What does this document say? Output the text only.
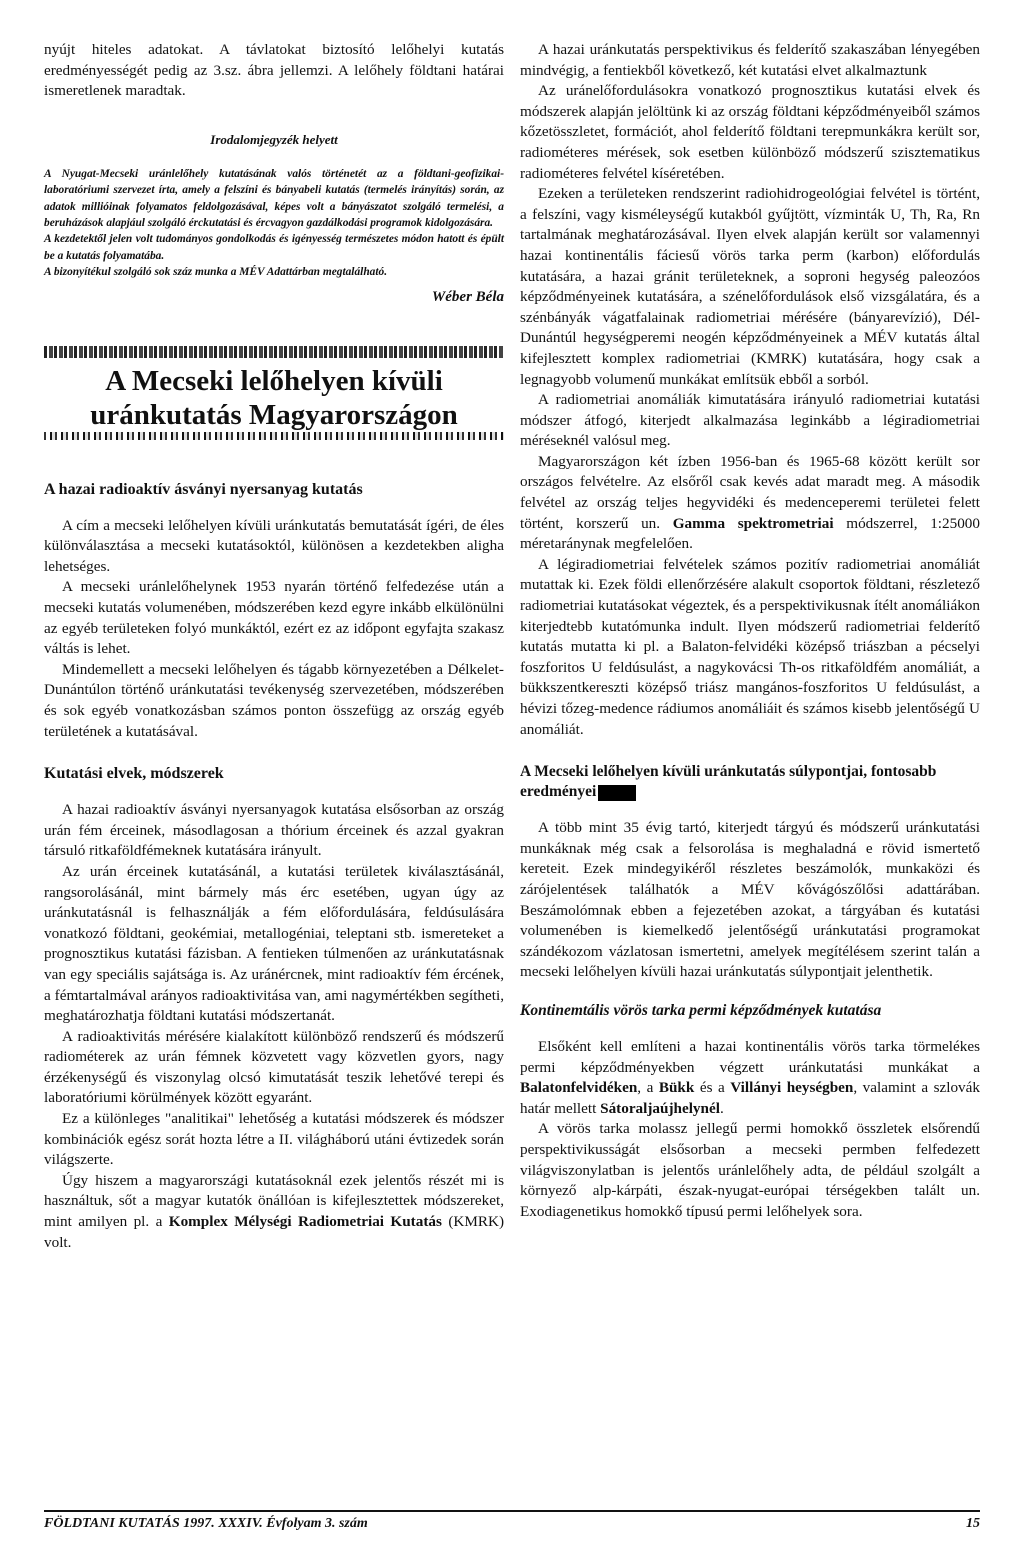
nyújt hiteles adatokat. A távlatokat biztosító lelőhelyi kutatás eredményességét pedig az 3.sz. ábra jellemzi. A lelőhely földtani határai ismeretlenek maradtak.

Irodalomjegyzék helyett

A Nyugat-Mecseki uránlelőhely kutatásának valós történetét az a földtani-geofizikai-laboratóriumi szervezet írta, amely a felszíni és bányabeli kutatás (termelés irányítás) során, az adatok millióinak folyamatos feldolgozásával, képes volt a bányászatot szolgáló termelési, a beruházások alapjául szolgáló érckutatási és ércvagyon gazdálkodási programok kidolgozására.

A kezdetektől jelen volt tudományos gondolkodás és igényesség természetes módon hatott és épült be a kutatás folyamatába.

A bizonyítékul szolgáló sok száz munka a MÉV Adattárban megtalálható.

Wéber Béla
A Mecseki lelőhelyen kívüli uránkutatás Magyarországon
A hazai radioaktív ásványi nyersanyag kutatás

A cím a mecseki lelőhelyen kívüli uránkutatás bemutatását ígéri, de éles különválasztása a mecseki kutatásoktól, különösen a kezdetekben aligha lehetséges.

A mecseki uránlelőhelynek 1953 nyarán történő felfedezése után a mecseki kutatás volumenében, módszerében kezd egyre inkább elkülönülni az egyéb területeken folyó munkáktól, ezért ez az időpont egyfajta szakasz váltás is lehet.

Mindemellett a mecseki lelőhelyen és tágabb környezetében a Délkelet-Dunántúlon történő uránkutatási tevékenység szervezetében, módszerében és sok egyéb vonatkozásban számos ponton összefügg az ország egyéb területének a kutatásával.

Kutatási elvek, módszerek

A hazai radioaktív ásványi nyersanyagok kutatása elsősorban az ország urán fém érceinek, másodlagosan a thórium érceinek és azzal gyakran társuló ritkaföldfémeknek kutatására irányult.

Az urán érceinek kutatásánál, a kutatási területek kiválasztásánál, rangsorolásánál, mint bármely más érc esetében, ugyan úgy az uránkutatásnál is felhasználják a fém előfordulására, feldúsulására vonatkozó földtani, geokémiai, metallogéniai, teleptani stb. ismereteket a prognosztikus kutatási fázisban. A fentieken túlmenően az uránkutatásnak van egy speciális sajátsága is. Az uránércnek, mint radioaktív fém ércének, a fémtartalmával arányos radioaktivitása van, ami nagymértékben segítheti, meghatározhatja földtani kutatási módszertanát.

A radioaktivitás mérésére kialakított különböző rendszerű és módszerű radiométerek az urán fémnek közvetett vagy közvetlen gyors, nagy érzékenységű és viszonylag olcsó kimutatását teszik lehetővé terepi és laboratóriumi körülmények között egyaránt.

Ez a különleges "analitikai" lehetőség a kutatási módszerek és módszer kombinációk egész sorát hozta létre a II. világháború utáni évtizedek során világszerte.

Úgy hiszem a magyarországi kutatásoknál ezek jelentős részét mi is használtuk, sőt a magyar kutatók önállóan is kifejlesztettek módszereket, mint amilyen pl. a Komplex Mélységi Radiometriai Kutatás (KMRK) volt.

A hazai uránkutatás perspektivikus és felderítő szakaszában lényegében mindvégig, a fentiekből következő, két kutatási elvet alkalmaztunk

Az uránelőfordulásokra vonatkozó prognosztikus kutatási elvek és módszerek alapján jelöltünk ki az ország földtani képződményeiből számos kőzetösszletet, formációt, ahol felderítő földtani terepmunkákra került sor, radiométeres mérések, sok esetben különböző módszerű szisztematikus radiométeres felvétel kíséretében.

Ezeken a területeken rendszerint radiohidrogeológiai felvétel is történt, a felszíni, vagy kisméleységű kutakból gyűjtött, vízminták U, Th, Ra, Rn tartalmának meghatározásával. Ilyen elvek alapján került sor valamennyi hazai kontinentális fáciesű vörös tarka perm (karbon) előfordulás kutatására, a hazai gránit területeknek, a soproni hegység paleozóos képződményeinek kutatására, a szénelőfordulások első vizsgálatára, és a szénbányák vágatfalainak radiometriai mérésére (bányarevízió), Dél-Dunántúl hegységperemi neogén képződményeinek a MÉV kutatás által kifejlesztett komplex radiometriai (KMRK) kutatására, hogy csak a legnagyobb volumenű munkákat említsük ebből a sorból.

A radiometriai anomáliák kimutatására irányuló radiometriai kutatási módszer átfogó, kiterjedt alkalmazása leginkább a légiradiometriai méréseknél valósul meg.

Magyarországon két ízben 1956-ban és 1965-68 között került sor országos felvételre. Az elsőről csak kevés adat maradt meg. A második felvétel az ország teljes hegyvidéki és medenceperemi területei felett történt, korszerű un. Gamma spektrometriai módszerrel, 1:25000 méretaránynak megfelelően.

A légiradiometriai felvételek számos pozitív radiometriai anomáliát mutattak ki. Ezek földi ellenőrzésére alakult csoportok földtani, részletező radiometriai kutatásokat végeztek, és a perspektivikusnak ítélt anomáliákon kiterjedtebb kutatómunka indult. Ilyen módszerű radiometriai felderítő kutatás mutatta ki pl. a Balaton-felvidéki középső triászban a pécselyi foszforitos U feldúsulást, a nagykovácsi Th-os ritkaföldfém anomáliát, a bükkszentkereszti középső triász mangános-foszforitos U feldúsulást, a hévizi tőzeg-medence rádiumos anomáliáit és számos kisebb jelentőségű U anomáliát.

A Mecseki lelőhelyen kívüli uránkutatás súlypontjai, fontosabb eredményei

A több mint 35 évig tartó, kiterjedt tárgyú és módszerű uránkutatási munkáknak még csak a felsorolása is meghaladná e rövid ismertető kereteit. Ezek mindegyikéről részletes beszámolók, munkaközi és zárójelentések találhatók a MÉV kővágószőlősi adattárában. Beszámolómnak ebben a fejezetében azokat, a tárgyában és kutatási volumenében is kiemelkedő jelentőségű uránkutatási programokat szándékozom vázlatosan ismertetni, amelyek megítélésem szerint talán a mecseki lelőhelyen kívüli hazai uránkutatás súlypontjait jelenthetik.

Kontinemtális vörös tarka permi képződmények kutatása

Elsőként kell említeni a hazai kontinentális vörös tarka törmelékes permi képződményekben végzett uránkutatási munkákat a Balatonfelvidéken, a Bükk és a Villányi heységben, valamint a szlovák határ mellett Sátoraljaújhelynél.

A vörös tarka molassz jellegű permi homokkő összletek elsőrendű perspektivikusságát elsősorban a mecseki permben felfedezett világviszonylatban is jelentős uránlelőhely adta, de például szolgált a környező alp-kárpáti, észak-nyugat-európai térségekben talált un. Exodiagenetikus homokkő típusú permi lelőhelyek sora.

FÖLDTANI KUTATÁS 1997. XXXIV. Évfolyam 3. szám	15
